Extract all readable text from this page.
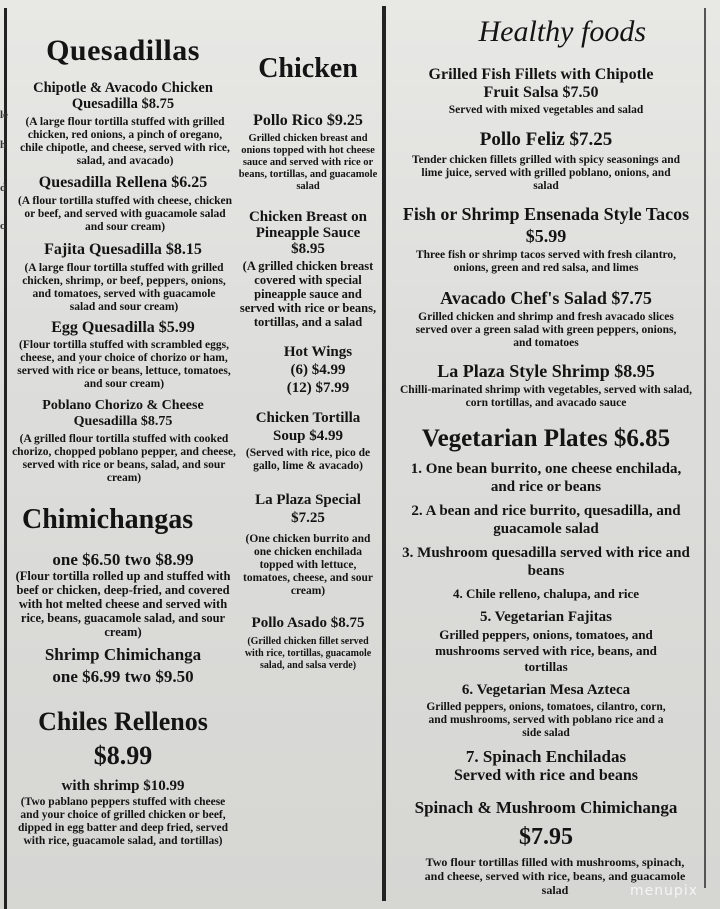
le
h
d
c

Quesadillas

Chipotle & Avacodo Chicken Quesadilla $8.75

(A large flour tortilla stuffed with grilled chicken, red onions, a pinch of oregano, chile chipotle, and cheese, served with rice, salad, and avacado)

Quesadilla Rellena $6.25

(A flour tortilla stuffed with cheese, chicken or beef, and served with guacamole salad and sour cream)

Fajita Quesadilla $8.15

(A large flour tortilla stuffed with grilled chicken, shrimp, or beef, peppers, onions, and tomatoes, served with guacamole salad and sour cream)

Egg Quesadilla $5.99

(Flour tortilla stuffed with scrambled eggs, cheese, and your choice of chorizo or ham, served with rice or beans, lettuce, tomatoes, and sour cream)

Poblano Chorizo & Cheese Quesadilla $8.75

(A grilled flour tortilla stuffed with cooked chorizo, chopped poblano pepper, and cheese, served with rice or beans, salad, and sour cream)

Chimichangas

one $6.50 two $8.99

(Flour tortilla rolled up and stuffed with beef or chicken, deep-fried, and covered with hot melted cheese and served with rice, beans, guacamole salad, and sour cream)

Shrimp Chimichanga

one $6.99 two $9.50

Chiles Rellenos $8.99

with shrimp $10.99

(Two pablano peppers stuffed with cheese and your choice of grilled chicken or beef, dipped in egg batter and deep fried, served with rice, guacamole salad, and tortillas)

Chicken

Pollo Rico $9.25

Grilled chicken breast and onions topped with hot cheese sauce and served with rice or beans, tortillas, and guacamole salad

Chicken Breast on Pineapple Sauce $8.95

(A grilled chicken breast covered with special pineapple sauce and served with rice or beans, tortillas, and a salad

Hot Wings

(6) $4.99

(12) $7.99

Chicken Tortilla Soup $4.99

(Served with rice, pico de gallo, lime & avacado)

La Plaza Special $7.25

(One chicken burrito and one chicken enchilada topped with lettuce, tomatoes, cheese, and sour cream)

Pollo Asado $8.75

(Grilled chicken fillet served with rice, tortillas, guacamole salad, and salsa verde)

Healthy foods

Grilled Fish Fillets with Chipotle Fruit Salsa $7.50

Served with mixed vegetables and salad

Pollo Feliz $7.25

Tender chicken fillets grilled with spicy seasonings and lime juice, served with grilled poblano, onions, and salad

Fish or Shrimp Ensenada Style Tacos $5.99

Three fish or shrimp tacos served with fresh cilantro, onions, green and red salsa, and limes

Avacado Chef's Salad $7.75

Grilled chicken and shrimp and fresh avacado slices served over a green salad with green peppers, onions, and tomatoes

La Plaza Style Shrimp $8.95

Chilli-marinated shrimp with vegetables, served with salad, corn tortillas, and avacado sauce

Vegetarian Plates $6.85

1. One bean burrito, one cheese enchilada, and rice or beans

2. A bean and rice burrito, quesadilla, and guacamole salad

3. Mushroom quesadilla served with rice and beans

4. Chile relleno, chalupa, and rice

5. Vegetarian Fajitas

Grilled peppers, onions, tomatoes, and mushrooms served with rice, beans, and tortillas

6. Vegetarian Mesa Azteca

Grilled peppers, onions, tomatoes, cilantro, corn, and mushrooms, served with poblano rice and a side salad

7. Spinach Enchiladas

Served with rice and beans

Spinach & Mushroom Chimichanga

$7.95

Two flour tortillas filled with mushrooms, spinach, and cheese, served with rice, beans, and guacamole salad	menupix
